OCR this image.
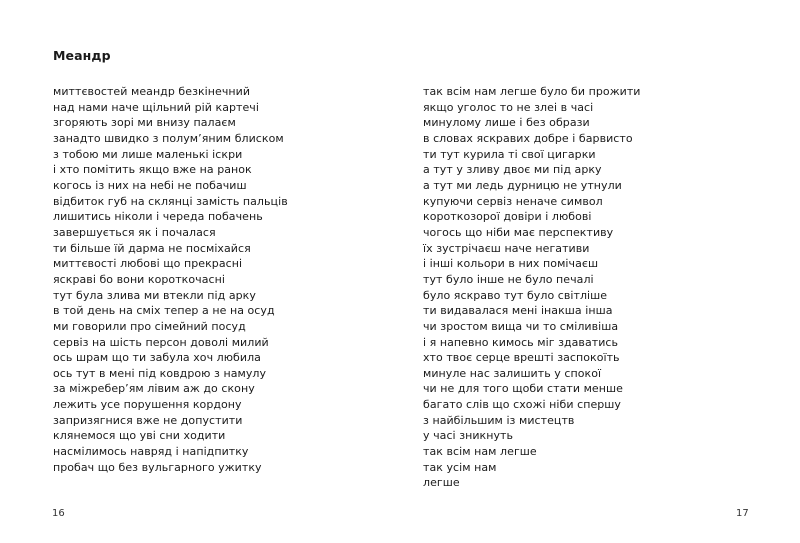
Меандр
миттєвостей меандр безкінечний
над нами наче щільний рій картечі
згоряють зорі ми внизу палаєм
занадто швидко з полум’яним блиском
з тобою ми лише маленькі іскри
і хто помітить якщо вже на ранок
когось із них на небі не побачиш
відбиток губ на склянці замість пальців
лишитись ніколи і череда побачень
завершується як і почалася
ти більше їй дарма не посміхайся
миттєвості любові що прекрасні
яскраві бо вони короткочасні
тут була злива ми втекли під арку
в той день на сміх тепер а не на осуд
ми говорили про сімейний посуд
сервіз на шість персон доволі милий
ось шрам що ти забула хоч любила
ось тут в мені під ковдрою з намулу
за міжребер’ям лівим аж до скону
лежить усе порушення кордону
запризягнися вже не допустити
клянемося що уві сни ходити
насмілимось навряд і напідпитку
пробач що без вульгарного ужитку
так всім нам легше було би прожити
якщо уголос то не злеі в часі
минулому лише і без образи
в словах яскравих добре і барвисто
ти тут курила ті свої цигарки
а тут у зливу двоє ми під арку
а тут ми ледь дурницю не утнули
купуючи сервіз неначе символ
короткозорої довіри і любові
чогось що ніби має перспективу
їх зустрічаєш наче негативи
і інші кольори в них помічаєш
тут було інше не було печалі
було яскраво тут було світліше
ти видавалася мені інакша інша
чи зростом вища чи то сміливіша
і я напевно кимось міг здаватись
хто твоє серце врешті заспокоїть
минуле нас залишить у спокої
чи не для того щоби стати менше
багато слів що схожі ніби спершу
з найбільшим із мистецтв
у часі зникнуть
так всім нам легше
так усім нам
легше
16	17
